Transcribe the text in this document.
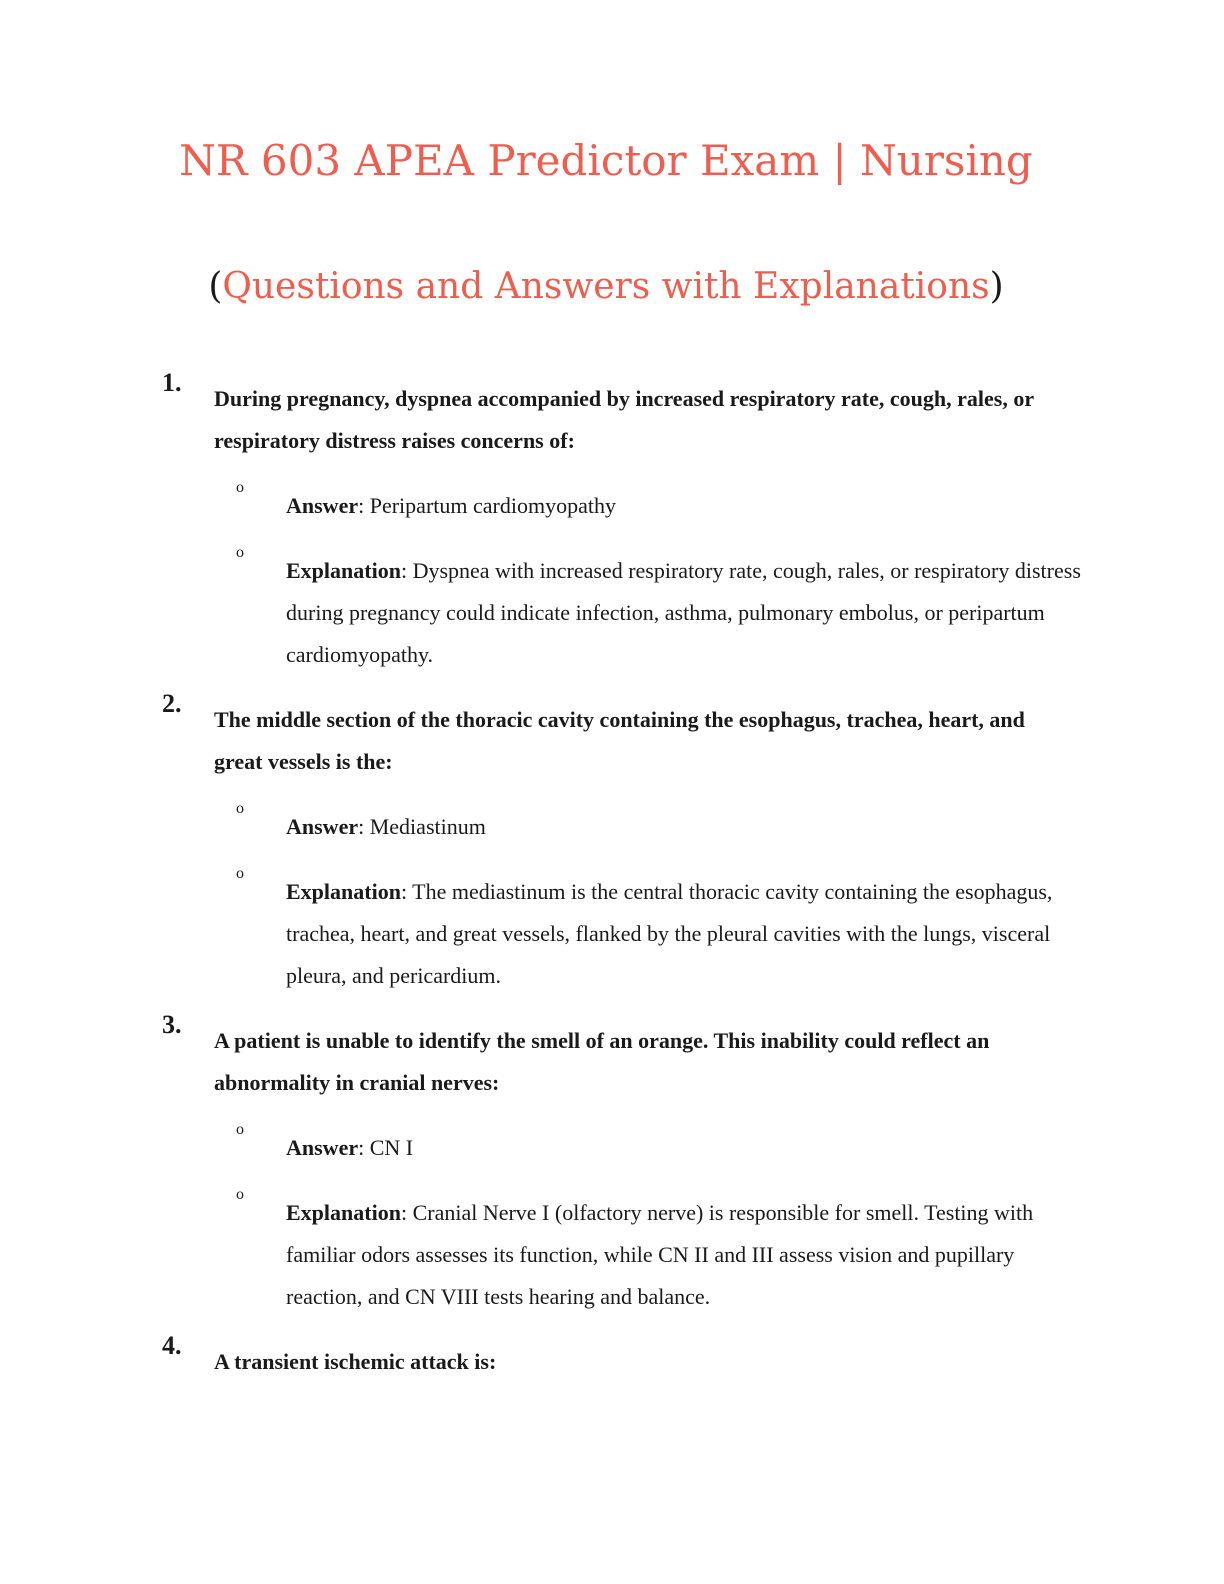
NR 603 APEA Predictor Exam | Nursing
(Questions and Answers with Explanations)
1.
During pregnancy, dyspnea accompanied by increased respiratory rate, cough, rales, or respiratory distress raises concerns of:
o
Answer: Peripartum cardiomyopathy
o
Explanation: Dyspnea with increased respiratory rate, cough, rales, or respiratory distress during pregnancy could indicate infection, asthma, pulmonary embolus, or peripartum cardiomyopathy.
2.
The middle section of the thoracic cavity containing the esophagus, trachea, heart, and great vessels is the:
o
Answer: Mediastinum
o
Explanation: The mediastinum is the central thoracic cavity containing the esophagus, trachea, heart, and great vessels, flanked by the pleural cavities with the lungs, visceral pleura, and pericardium.
3.
A patient is unable to identify the smell of an orange. This inability could reflect an abnormality in cranial nerves:
o
Answer: CN I
o
Explanation: Cranial Nerve I (olfactory nerve) is responsible for smell. Testing with familiar odors assesses its function, while CN II and III assess vision and pupillary reaction, and CN VIII tests hearing and balance.
4.
A transient ischemic attack is:
